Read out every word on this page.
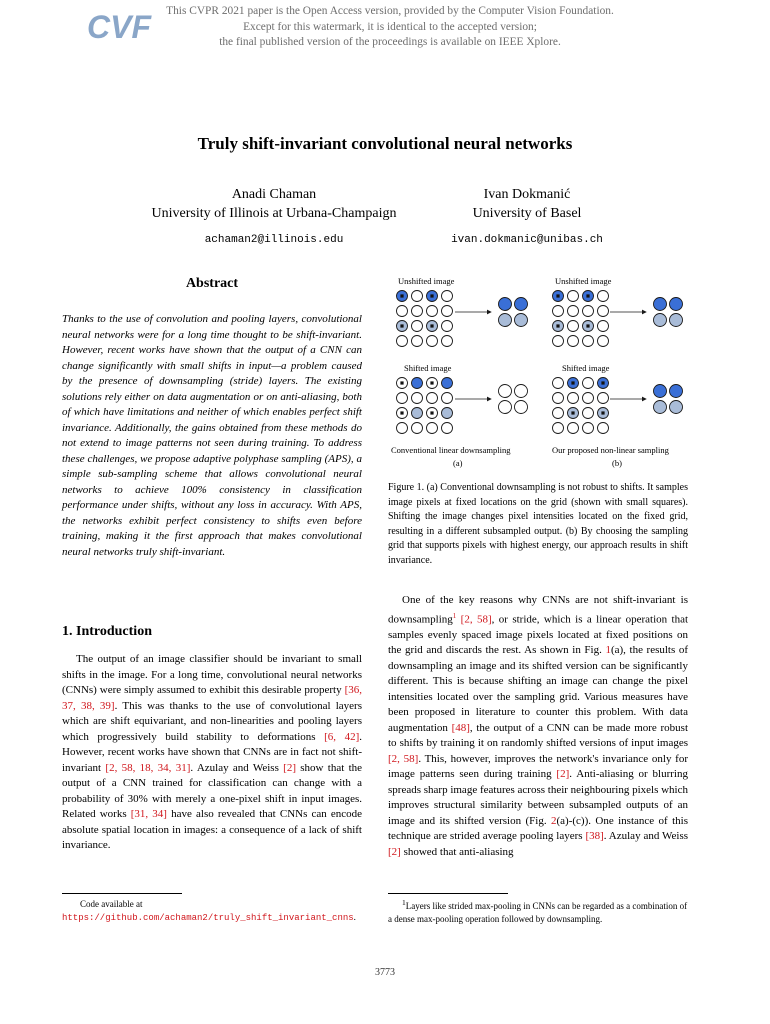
CVF	This CVPR 2021 paper is the Open Access version, provided by the Computer Vision Foundation.
Except for this watermark, it is identical to the accepted version;
the final published version of the proceedings is available on IEEE Xplore.
Truly shift-invariant convolutional neural networks
Anadi Chaman
University of Illinois at Urbana-Champaign
achaman2@illinois.edu
Ivan Dokmanić
University of Basel
ivan.dokmanic@unibas.ch
Abstract
Thanks to the use of convolution and pooling layers, convolutional neural networks were for a long time thought to be shift-invariant. However, recent works have shown that the output of a CNN can change significantly with small shifts in input—a problem caused by the presence of downsampling (stride) layers. The existing solutions rely either on data augmentation or on anti-aliasing, both of which have limitations and neither of which enables perfect shift invariance. Additionally, the gains obtained from these methods do not extend to image patterns not seen during training. To address these challenges, we propose adaptive polyphase sampling (APS), a simple sub-sampling scheme that allows convolutional neural networks to achieve 100% consistency in classification performance under shifts, without any loss in accuracy. With APS, the networks exhibit perfect consistency to shifts even before training, making it the first approach that makes convolutional neural networks truly shift-invariant.
1. Introduction
The output of an image classifier should be invariant to small shifts in the image. For a long time, convolutional neural networks (CNNs) were simply assumed to exhibit this desirable property [36, 37, 38, 39]. This was thanks to the use of convolutional layers which are shift equivariant, and non-linearities and pooling layers which progressively build stability to deformations [6, 42]. However, recent works have shown that CNNs are in fact not shift-invariant [2, 58, 18, 34, 31]. Azulay and Weiss [2] show that the output of a CNN trained for classification can change with a probability of 30% with merely a one-pixel shift in input images. Related works [31, 34] have also revealed that CNNs can encode absolute spatial location in images: a consequence of a lack of shift invariance.
Code available at https://github.com/achaman2/truly_shift_invariant_cnns.
Unshifted image
Shifted image
Unshifted image
Shifted image
Conventional linear downsampling
(a)
Our proposed non-linear sampling
(b)
Figure 1. (a) Conventional downsampling is not robust to shifts. It samples image pixels at fixed locations on the grid (shown with small squares). Shifting the image changes pixel intensities located on the fixed grid, resulting in a different subsampled output. (b) By choosing the sampling grid that supports pixels with highest energy, our approach results in shift invariance.
One of the key reasons why CNNs are not shift-invariant is downsampling$^1$ [2, 58], or stride, which is a linear operation that samples evenly spaced image pixels located at fixed positions on the grid and discards the rest. As shown in Fig. 1(a), the results of downsampling an image and its shifted version can be significantly different. This is because shifting an image can change the pixel intensities located over the sampling grid. Various measures have been proposed in literature to counter this problem. With data augmentation [48], the output of a CNN can be made more robust to shifts by training it on randomly shifted versions of input images [2, 58]. This, however, improves the network's invariance only for image patterns seen during training [2]. Anti-aliasing or blurring spreads sharp image features across their neighbouring pixels which improves structural similarity between subsampled outputs of an image and its shifted version (Fig. 2(a)-(c)). One instance of this technique are strided average pooling layers [38]. Azulay and Weiss [2] showed that anti-aliasing
$^1$Layers like strided max-pooling in CNNs can be regarded as a combination of a dense max-pooling operation followed by downsampling.
3773
